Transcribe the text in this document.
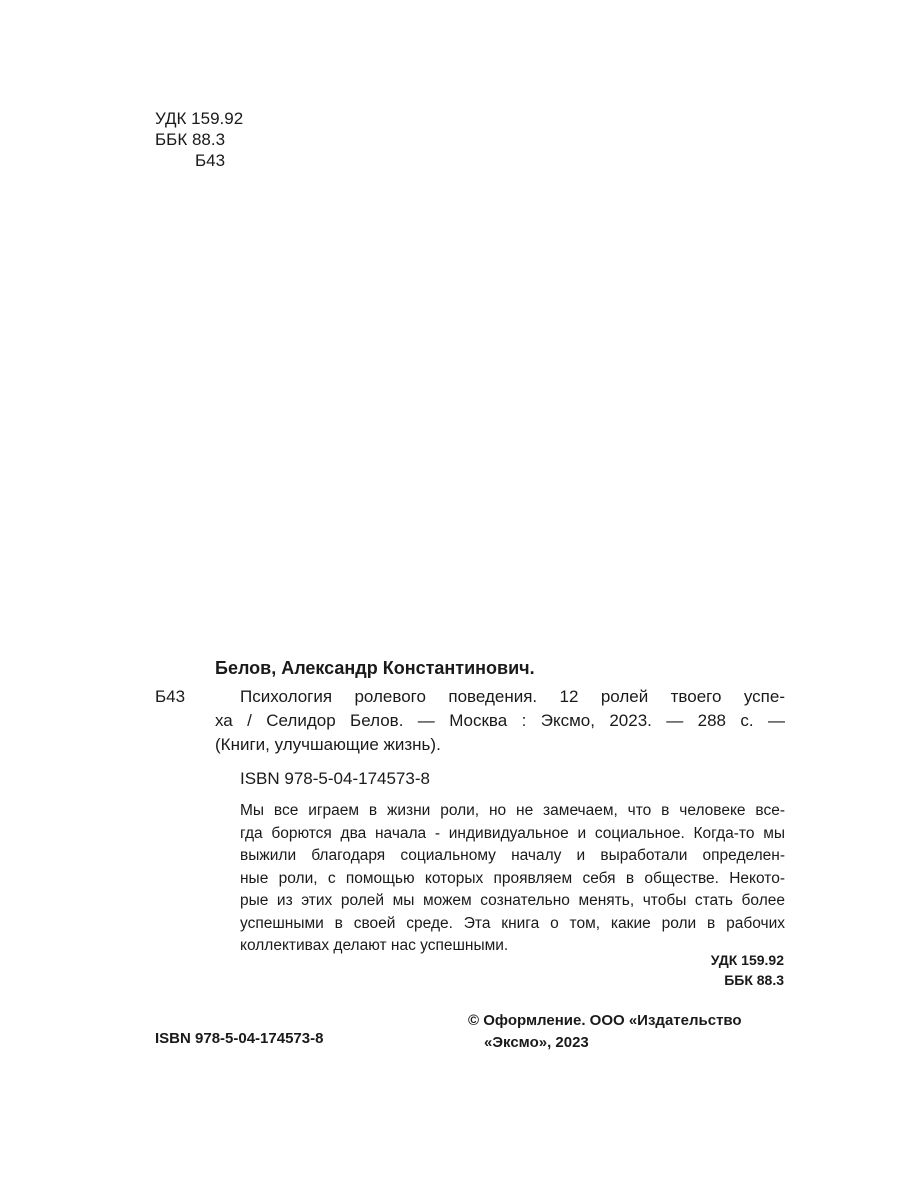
УДК 159.92
ББК 88.3
Б43
Белов, Александр Константинович.
Б43	Психология ролевого поведения. 12 ролей твоего успе-
ха / Селидор Белов. — Москва : Эксмо, 2023. — 288 с. —
(Книги, улучшающие жизнь).
ISBN 978-5-04-174573-8
Мы все играем в жизни роли, но не замечаем, что в человеке все-
гда борются два начала - индивидуальное и социальное. Когда-то мы
выжили благодаря социальному началу и выработали определен-
ные роли, с помощью которых проявляем себя в обществе. Некото-
рые из этих ролей мы можем сознательно менять, чтобы стать более
успешными в своей среде. Эта книга о том, какие роли в рабочих
коллективах делают нас успешными.
УДК 159.92
ББК 88.3
ISBN 978-5-04-174573-8
© Оформление. ООО «Издательство
«Эксмо», 2023
